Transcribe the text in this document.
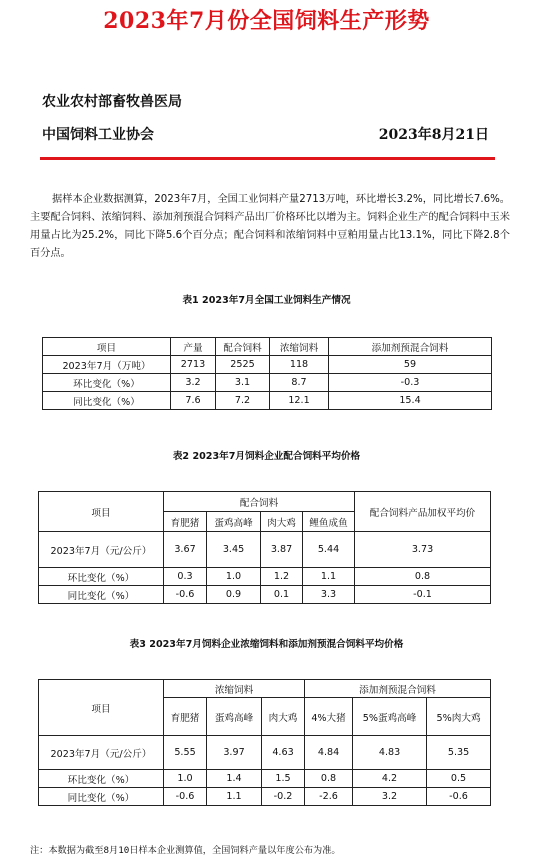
2023年7月份全国饲料生产形势
农业农村部畜牧兽医局
中国饲料工业协会	2023年8月21日
据样本企业数据测算，2023年7月，全国工业饲料产量2713万吨，环比增长3.2%，同比增长7.6%。主要配合饲料、浓缩饲料、添加剂预混合饲料产品出厂价格环比以增为主。饲料企业生产的配合饲料中玉米用量占比为25.2%，同比下降5.6个百分点；配合饲料和浓缩饲料中豆粕用量占比13.1%，同比下降2.8个百分点。
表1 2023年7月全国工业饲料生产情况
项目	产量	配合饲料	浓缩饲料	添加剂预混合饲料
2023年7月（万吨）	2713	2525	118	59
环比变化（%）	3.2	3.1	8.7	-0.3
同比变化（%）	7.6	7.2	12.1	15.4
表2 2023年7月饲料企业配合饲料平均价格
项目	配合饲料				配合饲料产品加权平均价
	育肥猪	蛋鸡高峰	肉大鸡	鲤鱼成鱼	
2023年7月（元/公斤）	3.67	3.45	3.87	5.44	3.73
环比变化（%）	0.3	1.0	1.2	1.1	0.8
同比变化（%）	-0.6	0.9	0.1	3.3	-0.1
表3 2023年7月饲料企业浓缩饲料和添加剂预混合饲料平均价格
项目	浓缩饲料			添加剂预混合饲料		
	育肥猪	蛋鸡高峰	肉大鸡	4%大猪	5%蛋鸡高峰	5%肉大鸡
2023年7月（元/公斤）	5.55	3.97	4.63	4.84	4.83	5.35
环比变化（%）	1.0	1.4	1.5	0.8	4.2	0.5
同比变化（%）	-0.6	1.1	-0.2	-2.6	3.2	-0.6
注：本数据为截至8月10日样本企业测算值，全国饲料产量以年度公布为准。
